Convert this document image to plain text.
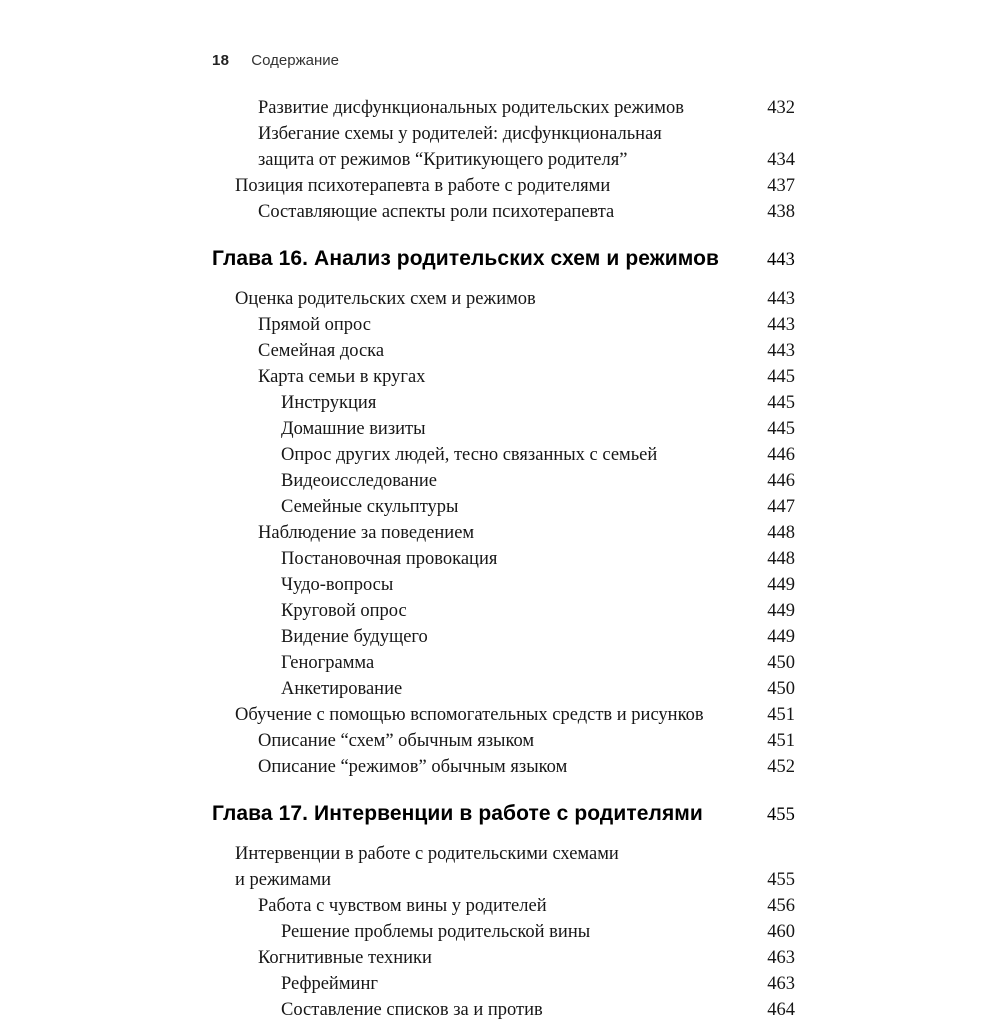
18 Содержание
Развитие дисфункциональных родительских режимов	432
Избегание схемы у родителей: дисфункциональная
защита от режимов “Критикующего родителя”	434
Позиция психотерапевта в работе с родителями	437
Составляющие аспекты роли психотерапевта	438
Глава 16. Анализ родительских схем и режимов	443
Оценка родительских схем и режимов	443
Прямой опрос	443
Семейная доска	443
Карта семьи в кругах	445
Инструкция	445
Домашние визиты	445
Опрос других людей, тесно связанных с семьей	446
Видеоисследование	446
Семейные скульптуры	447
Наблюдение за поведением	448
Постановочная провокация	448
Чудо-вопросы	449
Круговой опрос	449
Видение будущего	449
Генограмма	450
Анкетирование	450
Обучение с помощью вспомогательных средств и рисунков	451
Описание “схем” обычным языком	451
Описание “режимов” обычным языком	452
Глава 17. Интервенции в работе с родителями	455
Интервенции в работе с родительскими схемами
и режимами	455
Работа с чувством вины у родителей	456
Решение проблемы родительской вины	460
Когнитивные техники	463
Рефрейминг	463
Составление списков за и против	464
